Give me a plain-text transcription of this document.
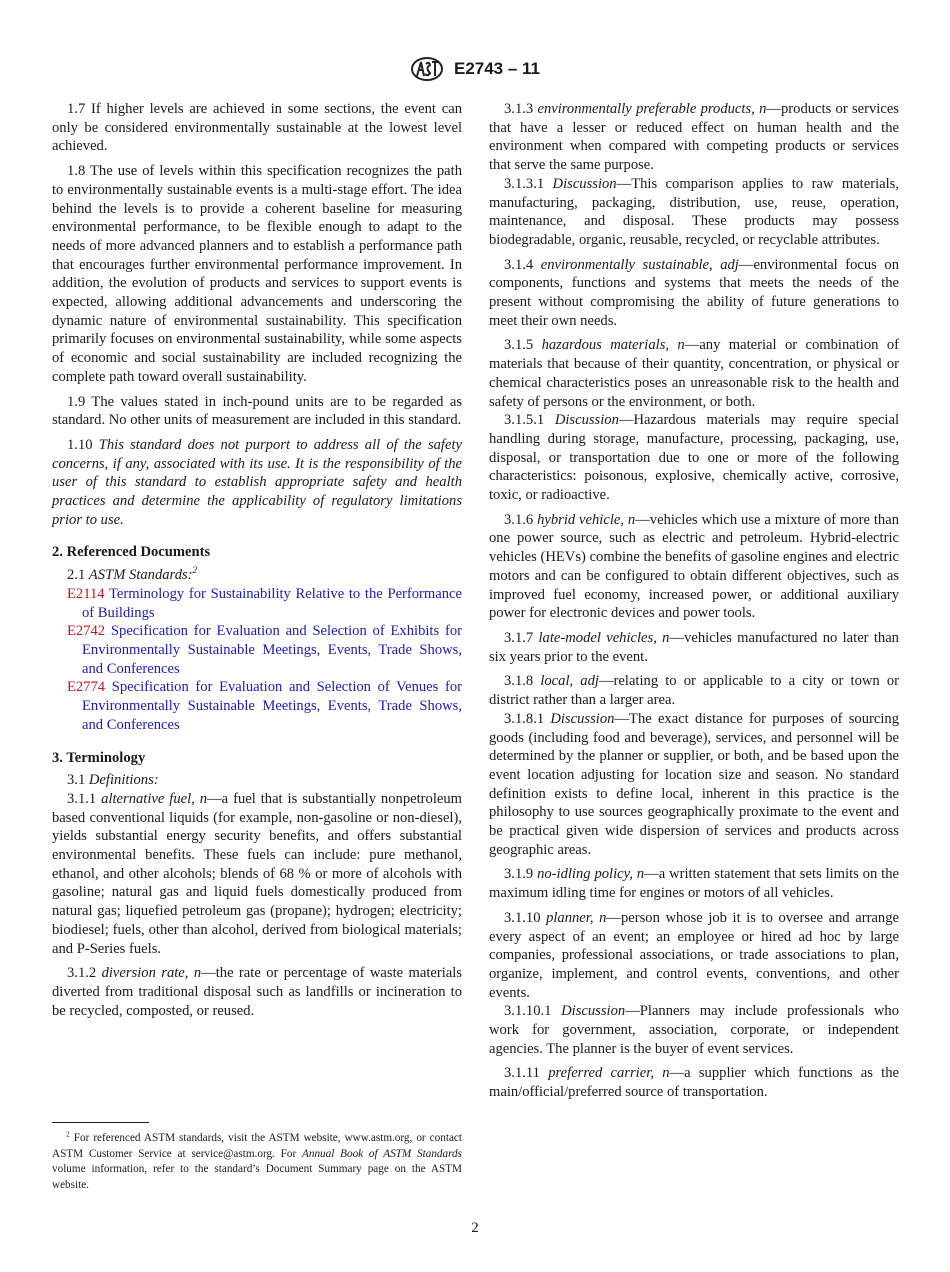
E2743 – 11

1.7 If higher levels are achieved in some sections, the event can only be considered environmentally sustainable at the lowest level achieved.

1.8 The use of levels within this specification recognizes the path to environmentally sustainable events is a multi-stage effort. The idea behind the levels is to provide a coherent baseline for measuring environmental performance, to be flexible enough to adapt to the needs of more advanced planners and to establish a performance path that encourages further environmental performance improvement. In addition, the evolution of products and services to support events is expected, allowing additional advancements and underscoring the dynamic nature of environmental sustainability. This specification primarily focuses on environmental sustainability, while some aspects of economic and social sustainability are included recognizing the complete path toward overall sustainability.

1.9 The values stated in inch-pound units are to be regarded as standard. No other units of measurement are included in this standard.

1.10 This standard does not purport to address all of the safety concerns, if any, associated with its use. It is the responsibility of the user of this standard to establish appropriate safety and health practices and determine the applicability of regulatory limitations prior to use.

2. Referenced Documents

2.1 ASTM Standards:$^2$

E2114 Terminology for Sustainability Relative to the Performance of Buildings

E2742 Specification for Evaluation and Selection of Exhibits for Environmentally Sustainable Meetings, Events, Trade Shows, and Conferences

E2774 Specification for Evaluation and Selection of Venues for Environmentally Sustainable Meetings, Events, Trade Shows, and Conferences

3. Terminology

3.1 Definitions:

3.1.1 alternative fuel, n—a fuel that is substantially nonpetroleum based conventional liquids (for example, non-gasoline or non-diesel), yields substantial energy security benefits, and offers substantial environmental benefits. These fuels can include: pure methanol, ethanol, and other alcohols; blends of 68 % or more of alcohols with gasoline; natural gas and liquid fuels domestically produced from natural gas; liquefied petroleum gas (propane); hydrogen; electricity; biodiesel; fuels, other than alcohol, derived from biological materials; and P-Series fuels.

3.1.2 diversion rate, n—the rate or percentage of waste materials diverted from traditional disposal such as landfills or incineration to be recycled, composted, or reused.

3.1.3 environmentally preferable products, n—products or services that have a lesser or reduced effect on human health and the environment when compared with competing products or services that serve the same purpose.

3.1.3.1 Discussion—This comparison applies to raw materials, manufacturing, packaging, distribution, use, reuse, operation, maintenance, and disposal. These products may possess biodegradable, organic, reusable, recycled, or recyclable attributes.

3.1.4 environmentally sustainable, adj—environmental focus on components, functions and systems that meets the needs of the present without compromising the ability of future generations to meet their own needs.

3.1.5 hazardous materials, n—any material or combination of materials that because of their quantity, concentration, or physical or chemical characteristics poses an unreasonable risk to the health and safety of persons or the environment, or both.

3.1.5.1 Discussion—Hazardous materials may require special handling during storage, manufacture, processing, packaging, use, disposal, or transportation due to one or more of the following characteristics: poisonous, explosive, chemically active, corrosive, toxic, or radioactive.

3.1.6 hybrid vehicle, n—vehicles which use a mixture of more than one power source, such as electric and petroleum. Hybrid-electric vehicles (HEVs) combine the benefits of gasoline engines and electric motors and can be configured to obtain different objectives, such as improved fuel economy, increased power, or additional auxiliary power for electronic devices and power tools.

3.1.7 late-model vehicles, n—vehicles manufactured no later than six years prior to the event.

3.1.8 local, adj—relating to or applicable to a city or town or district rather than a larger area.

3.1.8.1 Discussion—The exact distance for purposes of sourcing goods (including food and beverage), services, and personnel will be determined by the planner or supplier, or both, and be based upon the event location adjusting for location size and season. No standard definition exists to define local, inherent in this practice is the philosophy to use sources geographically proximate to the event and be practical given wide dispersion of services and products across geographic areas.

3.1.9 no-idling policy, n—a written statement that sets limits on the maximum idling time for engines or motors of all vehicles.

3.1.10 planner, n—person whose job it is to oversee and arrange every aspect of an event; an employee or hired ad hoc by large companies, professional associations, or trade associations to plan, organize, implement, and control events, conventions, and other events.

3.1.10.1 Discussion—Planners may include professionals who work for government, association, corporate, or independent agencies. The planner is the buyer of event services.

3.1.11 preferred carrier, n—a supplier which functions as the main/official/preferred source of transportation.

$^2$ For referenced ASTM standards, visit the ASTM website, www.astm.org, or contact ASTM Customer Service at service@astm.org. For Annual Book of ASTM Standards volume information, refer to the standard’s Document Summary page on the ASTM website.
2
